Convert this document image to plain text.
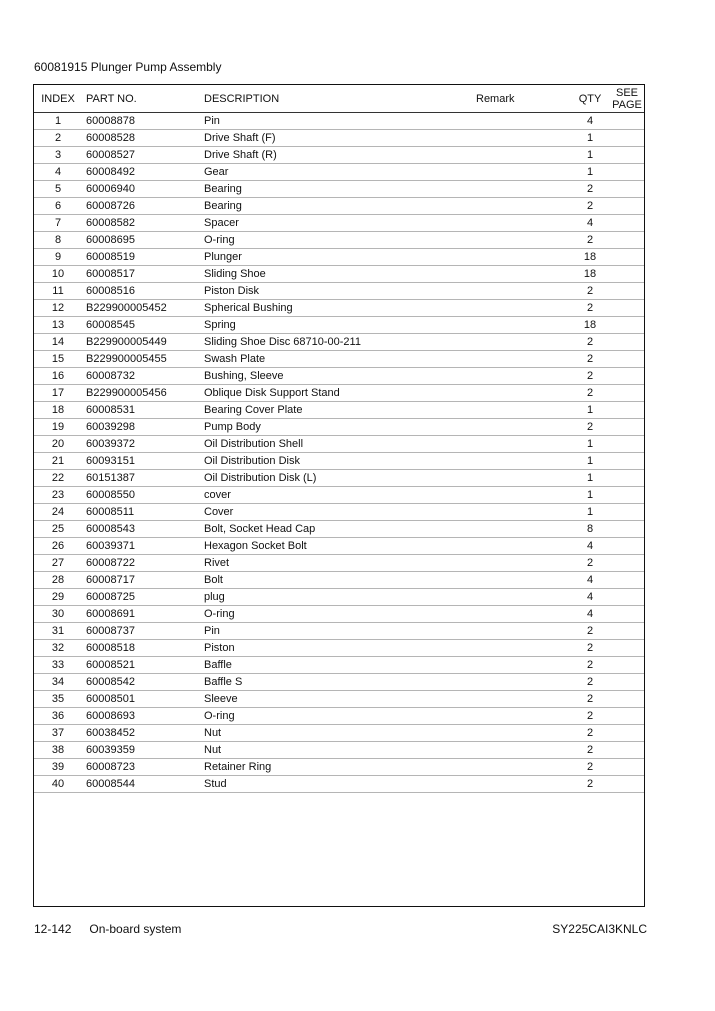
60081915 Plunger Pump Assembly
INDEX	PART NO.	DESCRIPTION	Remark	QTY	SEE
PAGE

1	60008878	Pin		4	
2	60008528	Drive Shaft (F)		1	
3	60008527	Drive Shaft (R)		1	
4	60008492	Gear		1	
5	60006940	Bearing		2	
6	60008726	Bearing		2	
7	60008582	Spacer		4	
8	60008695	O-ring		2	
9	60008519	Plunger		18	
10	60008517	Sliding Shoe		18	
11	60008516	Piston Disk		2	
12	B229900005452	Spherical Bushing		2	
13	60008545	Spring		18	
14	B229900005449	Sliding Shoe Disc 68710-00-211		2	
15	B229900005455	Swash Plate		2	
16	60008732	Bushing, Sleeve		2	
17	B229900005456	Oblique Disk Support Stand		2	
18	60008531	Bearing Cover Plate		1	
19	60039298	Pump Body		2	
20	60039372	Oil Distribution Shell		1	
21	60093151	Oil Distribution Disk		1	
22	60151387	Oil Distribution Disk (L)		1	
23	60008550	cover		1	
24	60008511	Cover		1	
25	60008543	Bolt, Socket Head Cap		8	
26	60039371	Hexagon Socket Bolt		4	
27	60008722	Rivet		2	
28	60008717	Bolt		4	
29	60008725	plug		4	
30	60008691	O-ring		4	
31	60008737	Pin		2	
32	60008518	Piston		2	
33	60008521	Baffle		2	
34	60008542	Baffle S		2	
35	60008501	Sleeve		2	
36	60008693	O-ring		2	
37	60038452	Nut		2	
38	60039359	Nut		2	
39	60008723	Retainer Ring		2	
40	60008544	Stud		2	
12-142 On-board system	SY225CAI3KNLC
